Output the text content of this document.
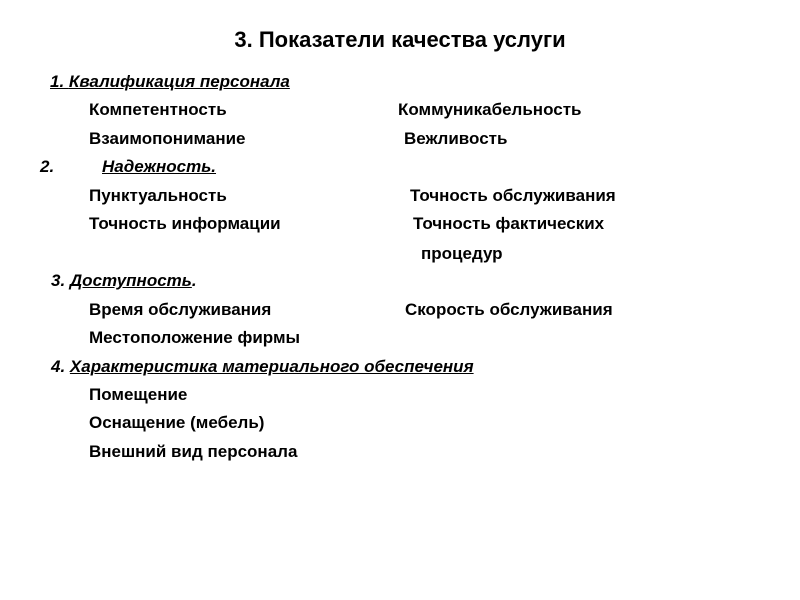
3. Показатели качества услуги
1. Квалификация персонала
Компетентность	Коммуникабельность
Взаимопонимание	Вежливость
2.	Надежность.
Пунктуальность	Точность обслуживания
Точность информации	Точность фактических
процедур
3. Доступность.
Время обслуживания	Скорость обслуживания
Местоположение фирмы
4. Характеристика материального обеспечения
Помещение
Оснащение (мебель)
Внешний вид персонала
